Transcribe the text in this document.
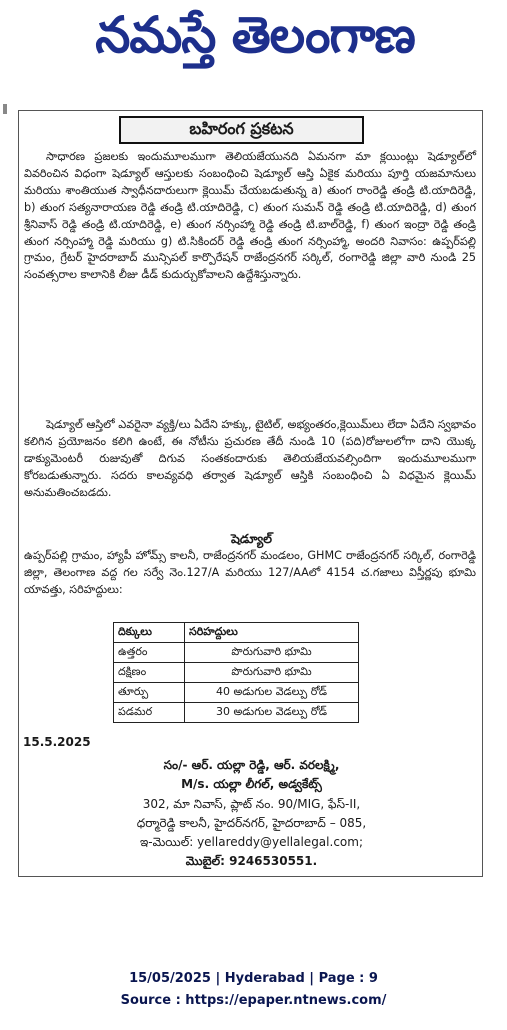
నమస్తే తెలంగాణ
బహిరంగ ప్రకటన
సాధారణ ప్రజలకు ఇందుమూలముగా తెలియజేయునది ఏమనగా మా క్లయింట్లు షెడ్యూల్‌లో వివరించిన విధంగా షెడ్యూల్ ఆస్తులకు సంబంధించి షెడ్యూల్ ఆస్తి ఏకైక మరియు పూర్తి యజమానులు మరియు శాంతియుత స్వాధీనదారులుగా క్లెయిమ్ చేయబడుతున్న a) తుంగ రాంరెడ్డి తండ్రి టి.యాదిరెడ్డి, b) తుంగ సత్యనారాయణ రెడ్డి తండ్రి టి.యాదిరెడ్డి, c) తుంగ సుమన్ రెడ్డి తండ్రి టి.యాదిరెడ్డి, d) తుంగ శ్రీనివాస్ రెడ్డి తండ్రి టి.యాదిరెడ్డి, e) తుంగ నర్సింహ్మా రెడ్డి తండ్రి టి.బాల్‌రెడ్డి, f) తుంగ ఇంద్రా రెడ్డి తండ్రి తుంగ నర్సింహ్మా రెడ్డి మరియు g) టి.సికిందర్ రెడ్డి తండ్రి తుంగ నర్సింహ్మా, అందరి నివాసం: ఉప్పర్‌పల్లి గ్రామం, గ్రేటర్ హైదరాబాద్ మున్సిపల్ కార్పొరేషన్ రాజేంద్రనగర్ సర్కిల్, రంగారెడ్డి జిల్లా వారి నుండి 25 సంవత్సరాల కాలానికి లీజు డీడ్ కుదుర్చుకోవాలని ఉద్దేశిస్తున్నారు.
షెడ్యూల్ ఆస్తిలో ఎవరైనా వ్యక్తి/లు ఏదేని హక్కు, టైటిల్, అభ్యంతరం,క్లెయిమ్‌లు లేదా ఏదేని స్వభావం కలిగిన ప్రయోజనం కలిగి ఉంటే, ఈ నోటీసు ప్రచురణ తేదీ నుండి 10 (పది)రోజులలోగా దాని యొక్క డాక్యుమెంటరీ రుజువుతో దిగువ సంతకందారుకు తెలియజేయవల్సిందిగా ఇందుమూలముగా కోరబడుతున్నారు. సదరు కాలవ్యవధి తర్వాత షెడ్యూల్ ఆస్తికి సంబంధించి ఏ విధమైన క్లెయిమ్ అనుమతించబడదు.
షెడ్యూల్
ఉప్పర్‌పల్లి గ్రామం, హ్యాపీ హోమ్స్ కాలనీ, రాజేంద్రనగర్ మండలం, GHMC రాజేంద్రనగర్ సర్కిల్, రంగారెడ్డి జిల్లా, తెలంగాణ వద్ద గల సర్వే నెం.127/A మరియు 127/AAలో 4154 చ.గజాలు విస్తీర్ణపు భూమి యావత్తు, సరిహద్దులు:
దిక్కులు	సరిహద్దులు
ఉత్తరం	పొరుగువారి భూమి
దక్షిణం	పొరుగువారి భూమి
తూర్పు	40 అడుగుల వెడల్పు రోడ్
పడమర	30 అడుగుల వెడల్పు రోడ్
15.5.2025
సం/- ఆర్. యల్లా రెడ్డి, ఆర్. వరలక్ష్మి,
M/s. యల్లా లీగల్, అడ్వకేట్స్
302, మా నివాస్, ప్లాట్ నం. 90/MIG, ఫేస్-II,
ధర్మారెడ్డి కాలనీ, హైదర్‌నగర్, హైదరాబాద్ – 085,
ఇ-మెయిల్: yellareddy@yellalegal.com;
మొబైల్: 9246530551.
15/05/2025 | Hyderabad | Page : 9
Source : https://epaper.ntnews.com/
